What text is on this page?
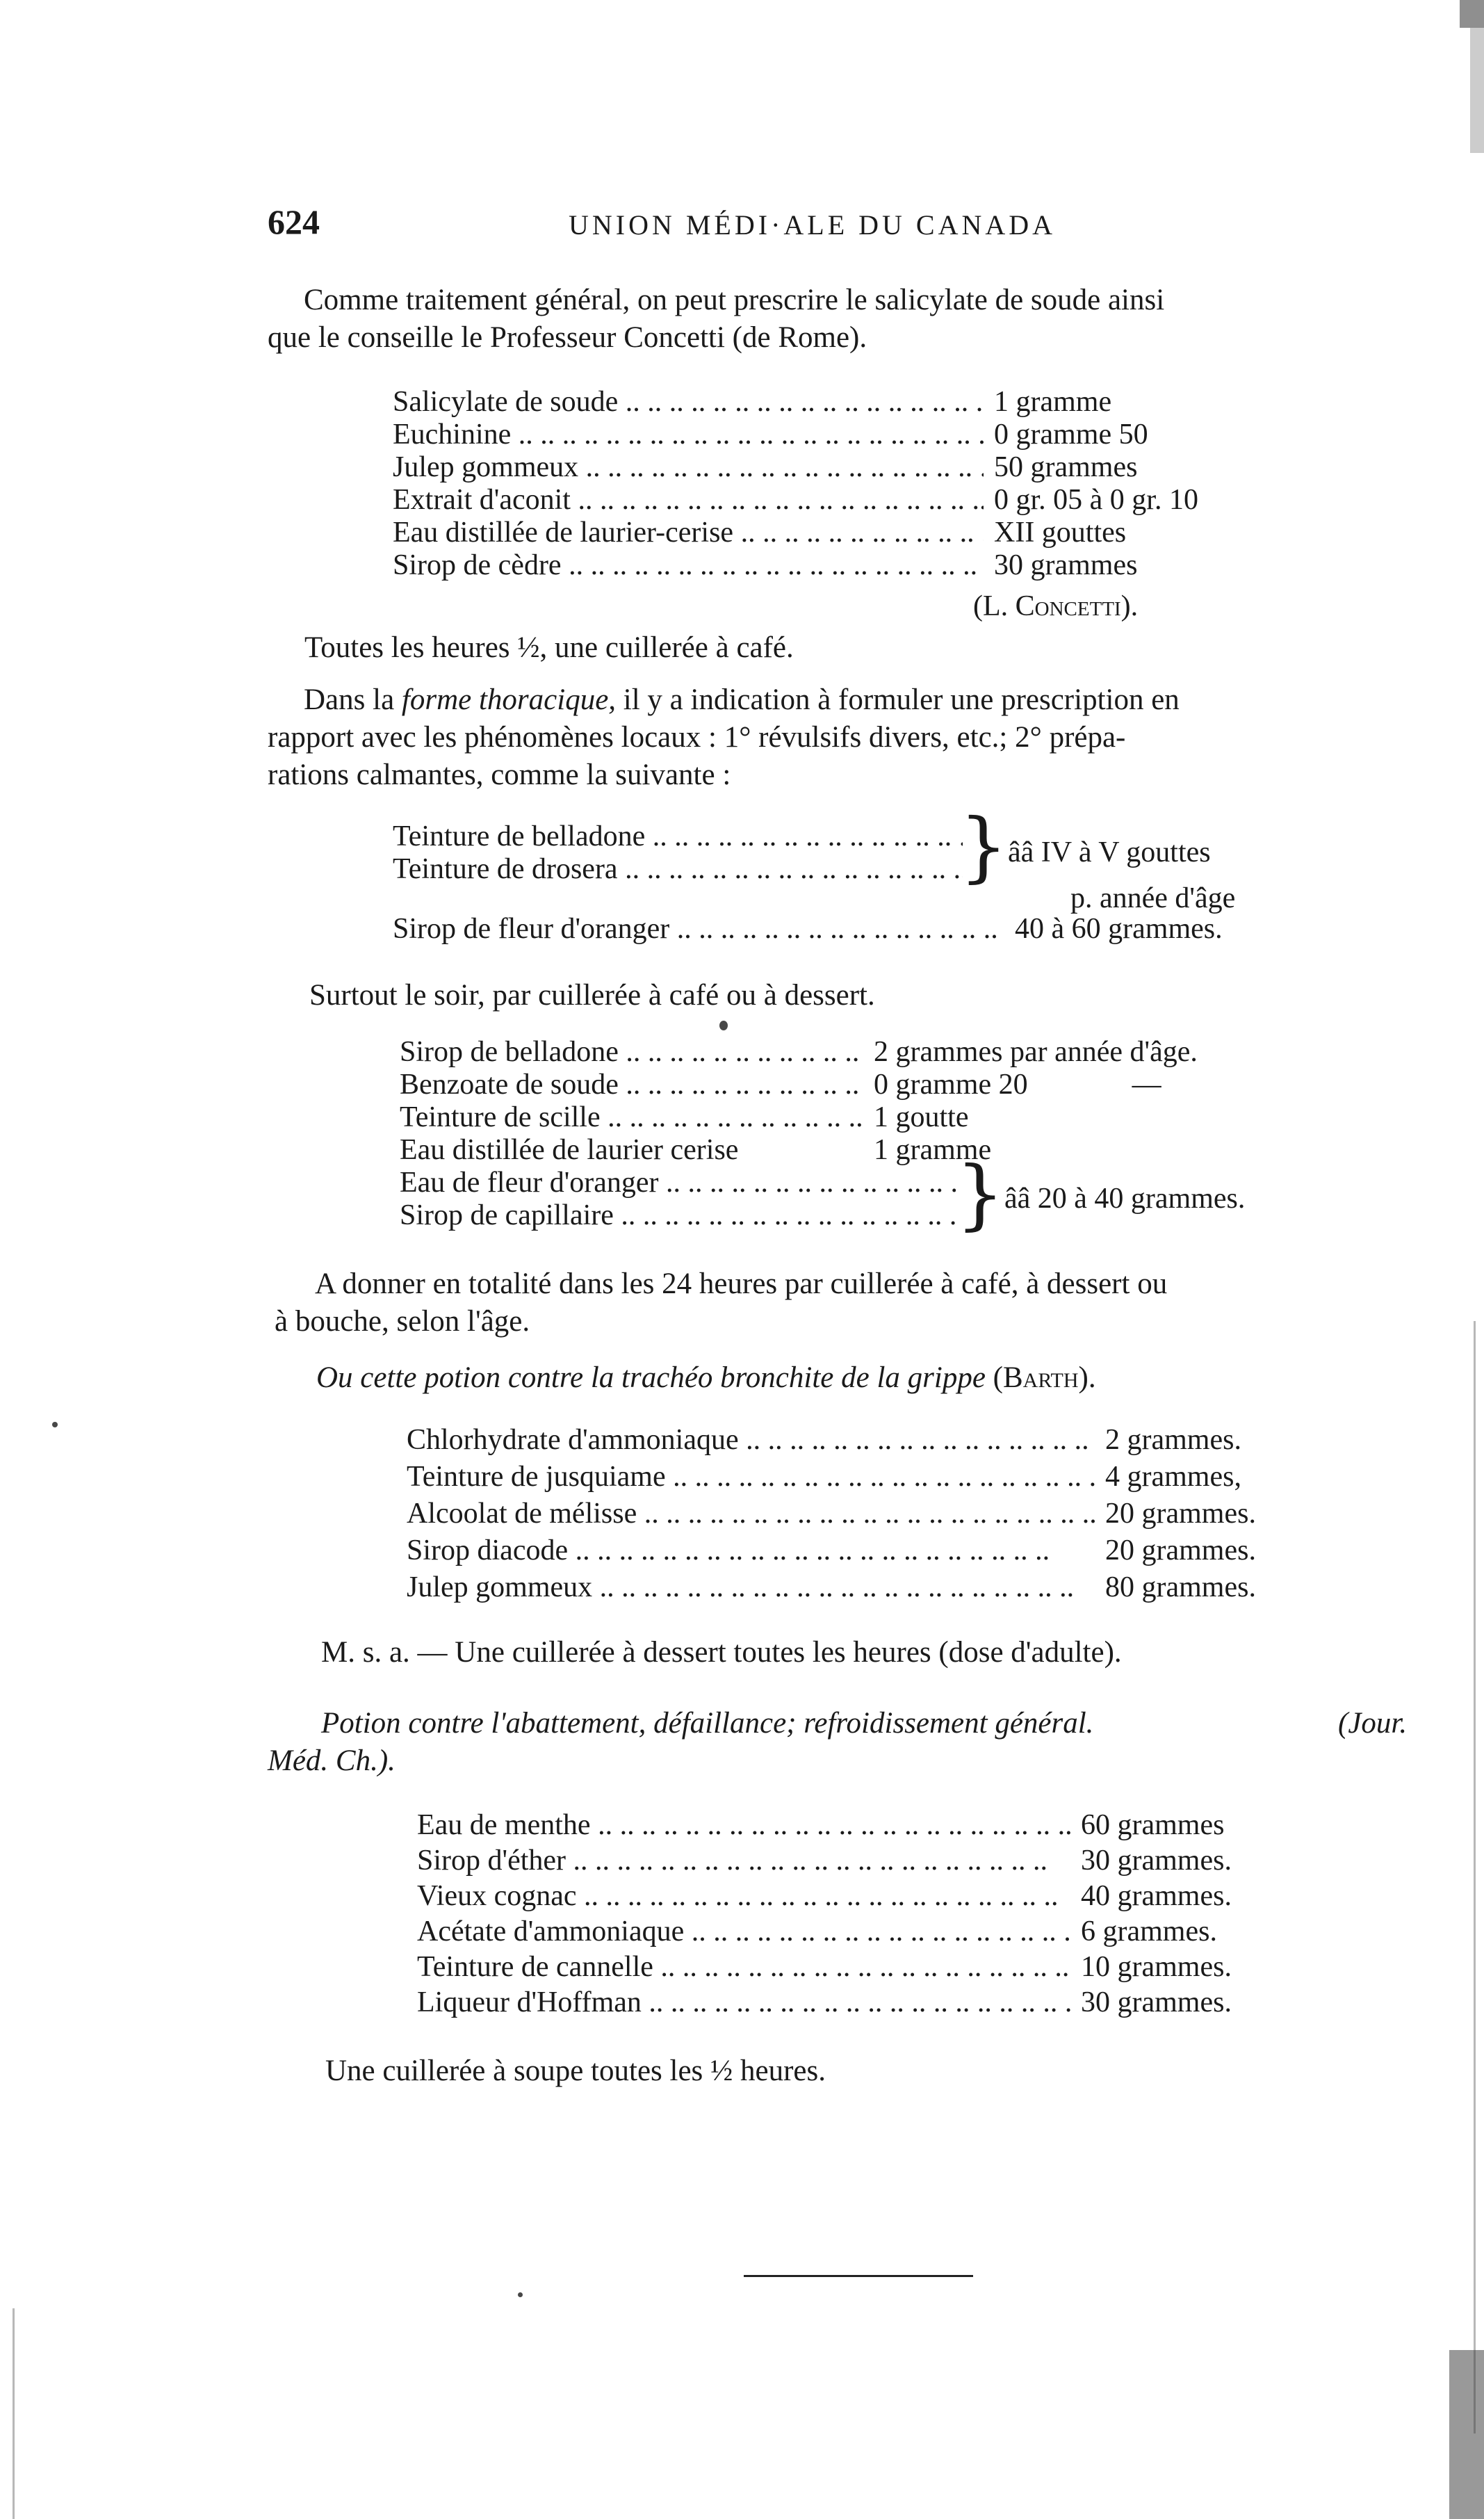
624	UNION MÉDI·ALE DU CANADA
Comme traitement général, on peut prescrire le salicylate de soude ainsi
que le conseille le Professeur Concetti (de Rome).
Salicylate de soude .. ..	1 gramme
Euchinine .. ..	0 gramme 50
Julep gommeux .. ..	50 grammes
Extrait d'aconit .. ..	0 gr. 05 à 0 gr. 10
Eau distillée de laurier-cerise .. ..	XII gouttes
Sirop de cèdre .. ..	30 grammes
(L. Concetti).
Toutes les heures ½, une cuillerée à café.
Dans la forme thoracique, il y a indication à formuler une prescription en
rapport avec les phénomènes locaux : 1° révulsifs divers, etc.; 2° prépa-
rations calmantes, comme la suivante :
Teinture de belladone .. ..
Teinture de drosera .. ..	} ââ IV à V gouttes
p. année d'âge
Sirop de fleur d'oranger .. ..	40 à 60 grammes.
Surtout le soir, par cuillerée à café ou à dessert.
Sirop de belladone .. ..	2 grammes par année d'âge.
Benzoate de soude .. ..	0 gramme 20	—
Teinture de scille .. ..	1 goutte
Eau distillée de laurier cerise	1 gramme
Eau de fleur d'oranger .. ..
Sirop de capillaire .. ..	} ââ 20 à 40 grammes.
A donner en totalité dans les 24 heures par cuillerée à café, à dessert ou
à bouche, selon l'âge.
Ou cette potion contre la trachéo bronchite de la grippe (Barth).
Chlorhydrate d'ammoniaque .. ..	2 grammes.
Teinture de jusquiame .. ..	4 grammes,
Alcoolat de mélisse .. ..	20 grammes.
Sirop diacode .. ..	20 grammes.
Julep gommeux .. ..	80 grammes.
M. s. a. — Une cuillerée à dessert toutes les heures (dose d'adulte).
Potion contre l'abattement, défaillance; refroidissement général.	(Jour.
Méd. Ch.).
Eau de menthe .. ..	60 grammes
Sirop d'éther .. ..	30 grammes.
Vieux cognac .. ..	40 grammes.
Acétate d'ammoniaque .. ..	6 grammes.
Teinture de cannelle .. ..	10 grammes.
Liqueur d'Hoffman .. ..	30 grammes.
Une cuillerée à soupe toutes les ½ heures.
